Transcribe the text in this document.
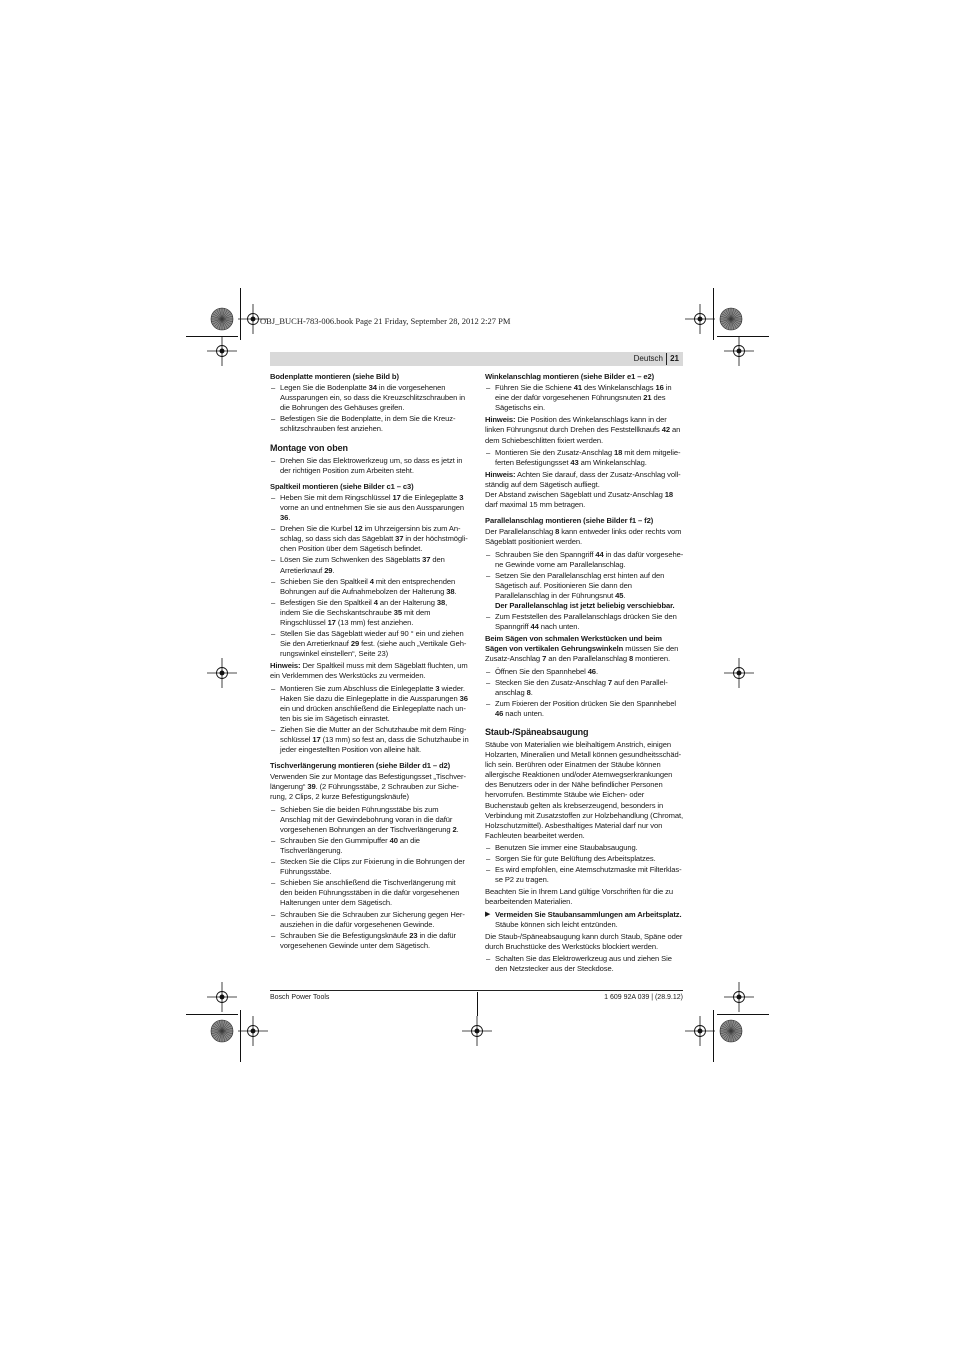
OBJ_BUCH-783-006.book Page 21 Friday, September 28, 2012 2:27 PM
Deutsch 21
Bodenplatte montieren (siehe Bild b)
– Legen Sie die Bodenplatte 34 in die vorgesehenen Aussparungen ein, so dass die Kreuzschlitzschrauben in die Bohrungen des Gehäuses greifen.
– Befestigen Sie die Bodenplatte, in dem Sie die Kreuzschlitzschrauben fest anziehen.
Montage von oben
– Drehen Sie das Elektrowerkzeug um, so dass es jetzt in der richtigen Position zum Arbeiten steht.
Spaltkeil montieren (siehe Bilder c1 – c3)
– Heben Sie mit dem Ringschlüssel 17 die Einlegeplatte 3 vorne an und entnehmen Sie sie aus den Aussparungen 36.
– Drehen Sie die Kurbel 12 im Uhrzeigersinn bis zum Anschlag, so dass sich das Sägeblatt 37 in der höchstmöglichen Position über dem Sägetisch befindet.
– Lösen Sie zum Schwenken des Sägeblatts 37 den Arretierknauf 29.
– Schieben Sie den Spaltkeil 4 mit den entsprechenden Bohrungen auf die Aufnahmebolzen der Halterung 38.
– Befestigen Sie den Spaltkeil 4 an der Halterung 38, indem Sie die Sechskantschraube 35 mit dem Ringschlüssel 17 (13 mm) fest anziehen.
– Stellen Sie das Sägeblatt wieder auf 90 ° ein und ziehen Sie den Arretierknauf 29 fest. (siehe auch „Vertikale Gehrungswinkel einstellen“, Seite 23)
Hinweis: Der Spaltkeil muss mit dem Sägeblatt fluchten, um ein Verklemmen des Werkstücks zu vermeiden.
– Montieren Sie zum Abschluss die Einlegeplatte 3 wieder. Haken Sie dazu die Einlegeplatte in die Aussparungen 36 ein und drücken anschließend die Einlegeplatte nach unten bis sie im Sägetisch einrastet.
– Ziehen Sie die Mutter an der Schutzhaube mit dem Ringschlüssel 17 (13 mm) so fest an, dass die Schutzhaube in jeder eingestellten Position von alleine hält.
Tischverlängerung montieren (siehe Bilder d1 – d2)
Verwenden Sie zur Montage das Befestigungsset „Tischverlängerung“ 39. (2 Führungsstäbe, 2 Schrauben zur Sicherung, 2 Clips, 2 kurze Befestigungsknäufe)
– Schieben Sie die beiden Führungsstäbe bis zum Anschlag mit der Gewindebohrung voran in die dafür vorgesehenen Bohrungen an der Tischverlängerung 2.
– Schrauben Sie den Gummipuffer 40 an die Tischverlängerung.
– Stecken Sie die Clips zur Fixierung in die Bohrungen der Führungsstäbe.
– Schieben Sie anschließend die Tischverlängerung mit den beiden Führungsstäben in die dafür vorgesehenen Halterungen unter dem Sägetisch.
– Schrauben Sie die Schrauben zur Sicherung gegen Herausziehen in die dafür vorgesehenen Gewinde.
– Schrauben Sie die Befestigungsknäufe 23 in die dafür vorgesehenen Gewinde unter dem Sägetisch.
Winkelanschlag montieren (siehe Bilder e1 – e2)
– Führen Sie die Schiene 41 des Winkelanschlags 16 in eine der dafür vorgesehenen Führungsnuten 21 des Sägetischs ein.
Hinweis: Die Position des Winkelanschlags kann in der linken Führungsnut durch Drehen des Feststellknaufs 42 an dem Schiebeschlitten fixiert werden.
– Montieren Sie den Zusatz-Anschlag 18 mit dem mitgelieferten Befestigungsset 43 am Winkelanschlag.
Hinweis: Achten Sie darauf, dass der Zusatz-Anschlag vollständig auf dem Sägetisch aufliegt.
Der Abstand zwischen Sägeblatt und Zusatz-Anschlag 18 darf maximal 15 mm betragen.
Parallelanschlag montieren (siehe Bilder f1 – f2)
Der Parallelanschlag 8 kann entweder links oder rechts vom Sägeblatt positioniert werden.
– Schrauben Sie den Spanngriff 44 in das dafür vorgesehene Gewinde vorne am Parallelanschlag.
– Setzen Sie den Parallelanschlag erst hinten auf den Sägetisch auf. Positionieren Sie dann den Parallelanschlag in der Führungsnut 45.
Der Parallelanschlag ist jetzt beliebig verschiebbar.
– Zum Feststellen des Parallelanschlags drücken Sie den Spanngriff 44 nach unten.
Beim Sägen von schmalen Werkstücken und beim Sägen von vertikalen Gehrungswinkeln müssen Sie den Zusatz-Anschlag 7 an den Parallelanschlag 8 montieren.
– Öffnen Sie den Spannhebel 46.
– Stecken Sie den Zusatz-Anschlag 7 auf den Parallelanschlag 8.
– Zum Fixieren der Position drücken Sie den Spannhebel 46 nach unten.
Staub-/Späneabsaugung
Stäube von Materialien wie bleihaltigem Anstrich, einigen Holzarten, Mineralien und Metall können gesundheitsschädlich sein. Berühren oder Einatmen der Stäube können allergische Reaktionen und/oder Atemwegserkrankungen des Benutzers oder in der Nähe befindlicher Personen hervorrufen. Bestimmte Stäube wie Eichen- oder Buchenstaub gelten als krebserzeugend, besonders in Verbindung mit Zusatzstoffen zur Holzbehandlung (Chromat, Holzschutzmittel). Asbesthaltiges Material darf nur von Fachleuten bearbeitet werden.
– Benutzen Sie immer eine Staubabsaugung.
– Sorgen Sie für gute Belüftung des Arbeitsplatzes.
– Es wird empfohlen, eine Atemschutzmaske mit Filterklasse P2 zu tragen.
Beachten Sie in Ihrem Land gültige Vorschriften für die zu bearbeitenden Materialien.
▶ Vermeiden Sie Staubansammlungen am Arbeitsplatz.
Stäube können sich leicht entzünden.
Die Staub-/Späneabsaugung kann durch Staub, Späne oder durch Bruchstücke des Werkstücks blockiert werden.
– Schalten Sie das Elektrowerkzeug aus und ziehen Sie den Netzstecker aus der Steckdose.
Bosch Power Tools	1 609 92A 039 | (28.9.12)
